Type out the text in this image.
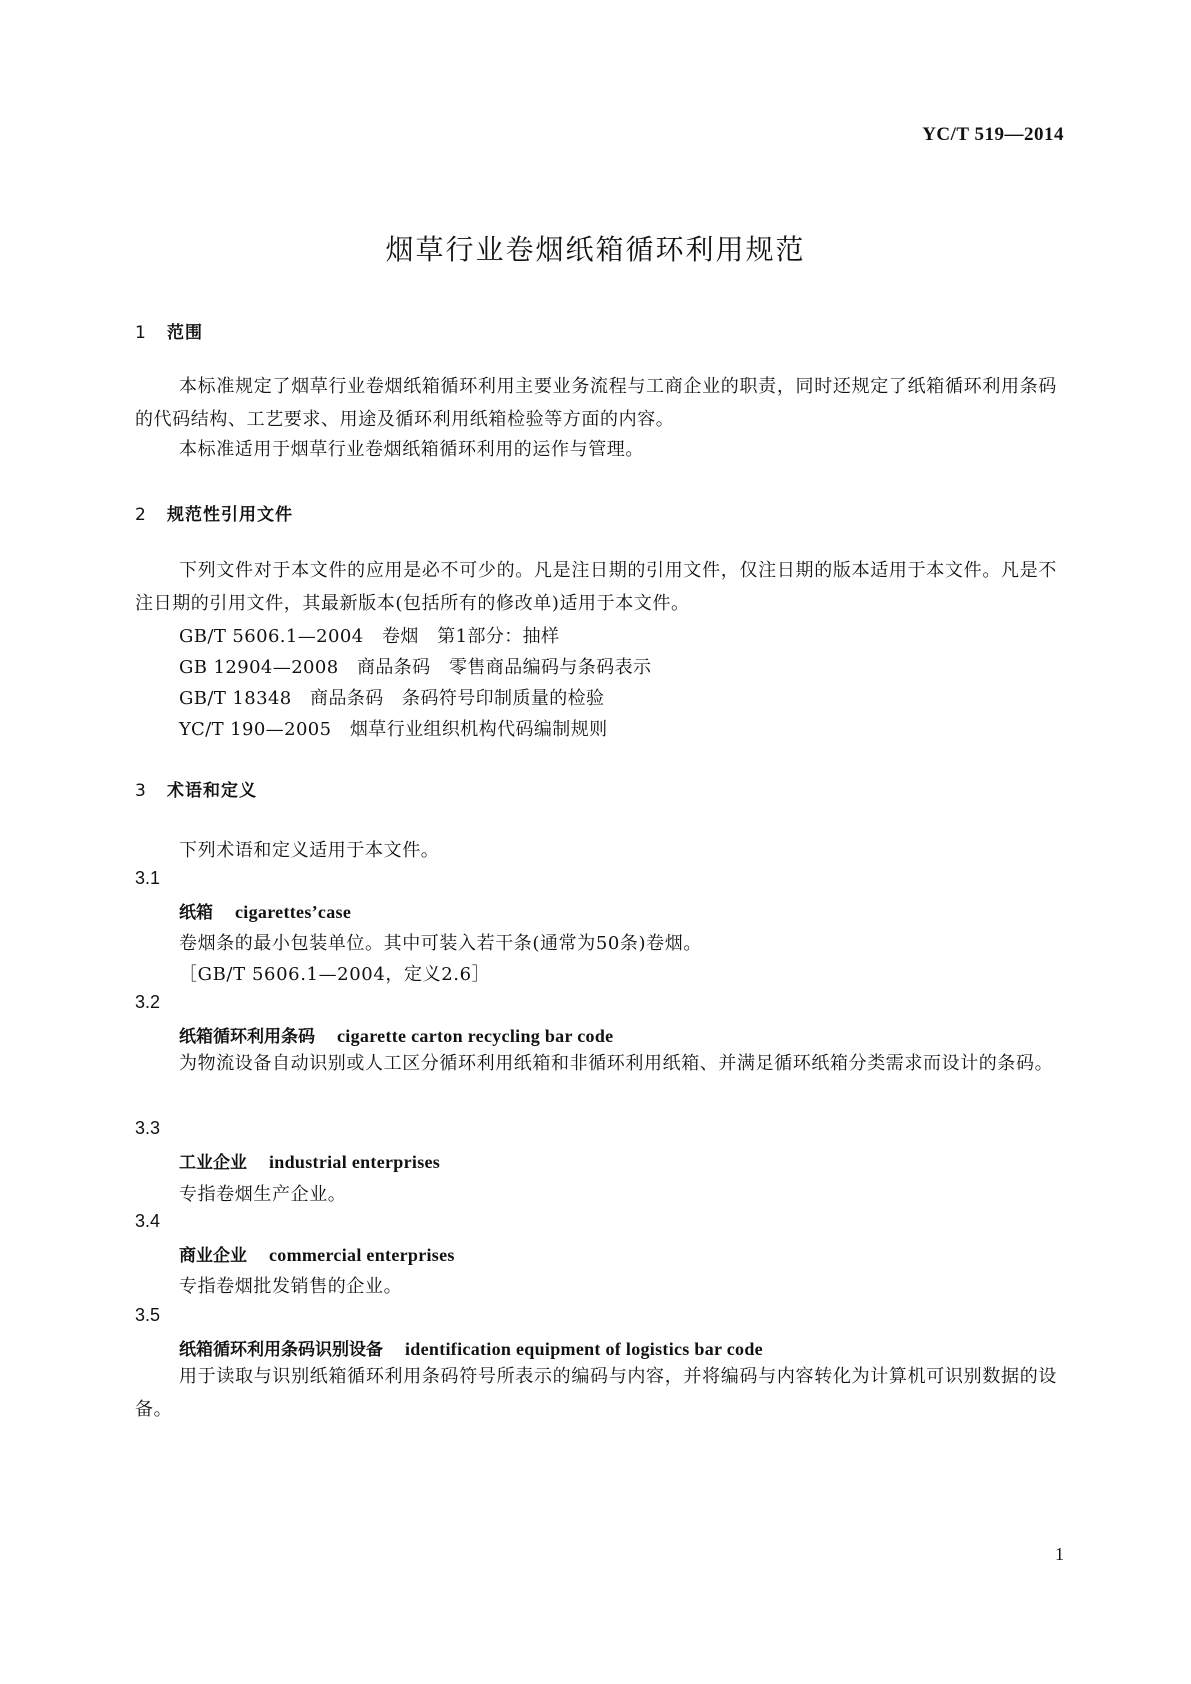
YC/T 519—2014
烟草行业卷烟纸箱循环利用规范
1 范围
本标准规定了烟草行业卷烟纸箱循环利用主要业务流程与工商企业的职责，同时还规定了纸箱循环利用条码的代码结构、工艺要求、用途及循环利用纸箱检验等方面的内容。
本标准适用于烟草行业卷烟纸箱循环利用的运作与管理。
2 规范性引用文件
下列文件对于本文件的应用是必不可少的。凡是注日期的引用文件，仅注日期的版本适用于本文件。凡是不注日期的引用文件，其最新版本(包括所有的修改单)适用于本文件。
GB/T 5606.1—2004　卷烟　第1部分：抽样
GB 12904—2008　商品条码　零售商品编码与条码表示
GB/T 18348　商品条码　条码符号印制质量的检验
YC/T 190—2005　烟草行业组织机构代码编制规则
3 术语和定义
下列术语和定义适用于本文件。
3.1
纸箱 cigarettes’case
卷烟条的最小包装单位。其中可装入若干条(通常为50条)卷烟。
［GB/T 5606.1—2004，定义2.6］
3.2
纸箱循环利用条码 cigarette carton recycling bar code
为物流设备自动识别或人工区分循环利用纸箱和非循环利用纸箱、并满足循环纸箱分类需求而设计的条码。
3.3
工业企业 industrial enterprises
专指卷烟生产企业。
3.4
商业企业 commercial enterprises
专指卷烟批发销售的企业。
3.5
纸箱循环利用条码识别设备 identification equipment of logistics bar code
用于读取与识别纸箱循环利用条码符号所表示的编码与内容，并将编码与内容转化为计算机可识别数据的设备。
1
